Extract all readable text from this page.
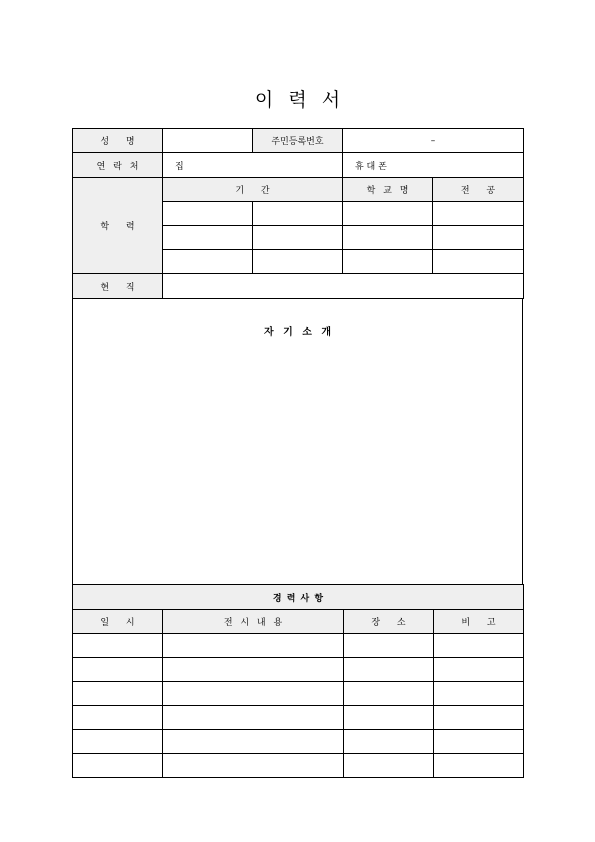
이 력 서
성 명		주민등록번호	–	
연 락 처	집		휴 대 폰	
학 력	기 간		학 교 명	전 공

현 직				
자 기 소 개
경 력 사 항			
일 시	전 시 내 용	장 소	비 고
